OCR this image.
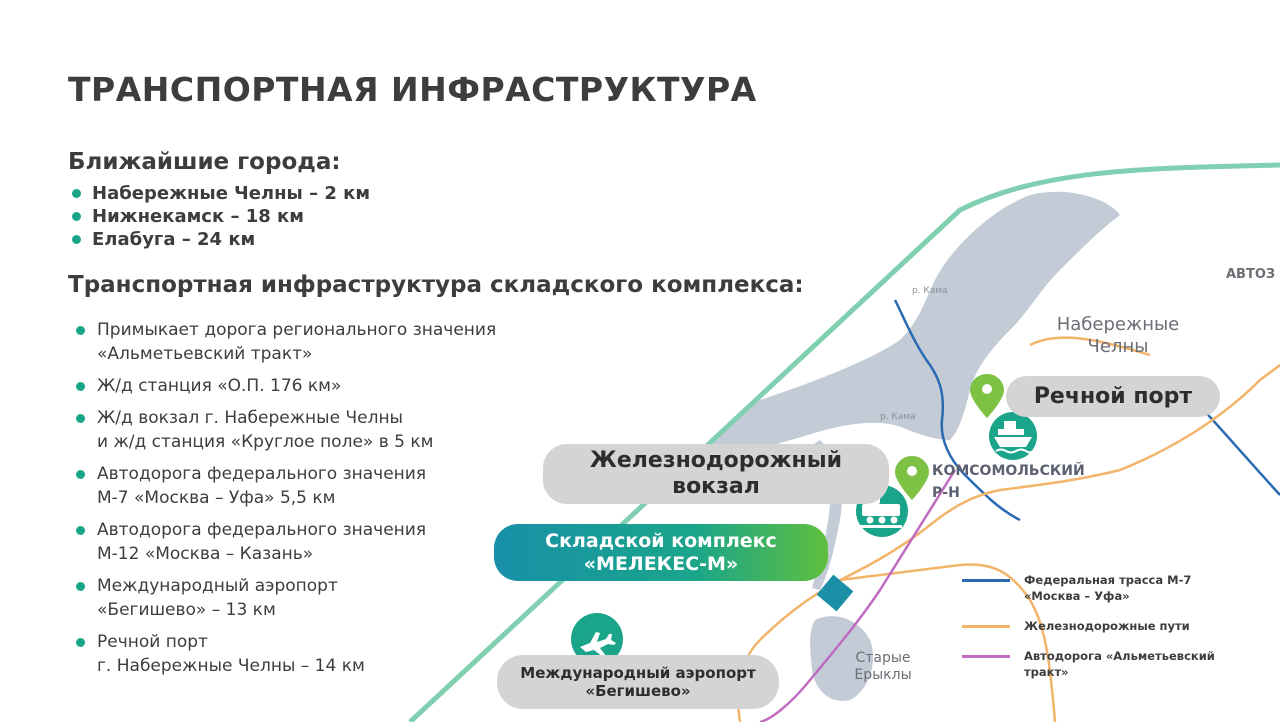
ТРАНСПОРТНАЯ ИНФРАСТРУКТУРА
Ближайшие города:
Набережные Челны – 2 км
Нижнекамск – 18 км
Елабуга – 24 км
Транспортная инфраструктура складского комплекса:
Примыкает дорога регионального значения
«Альметьевский тракт»
Ж/д станция «О.П. 176 км»
Ж/д вокзал г. Набережные Челны
и ж/д станция «Круглое поле» в 5 км
Автодорога федерального значения
М-7 «Москва – Уфа» 5,5 км
Автодорога федерального значения
М-12 «Москва – Казань»
Международный аэропорт
«Бегишево» – 13 км
Речной порт
г. Набережные Челны – 14 км
Набережные
Челны
АВТОЗ
КОМСОМОЛЬСКИЙ Р-Н
Старые
Ерыклы
р. Кама
р. Кама
Речной порт
Железнодорожный
вокзал
Складской комплекс
«МЕЛЕКЕС-М»
Международный аэропорт
«Бегишево»
Федеральная трасса М-7
«Москва – Уфа»
Железнодорожные пути
Автодорога «Альметьевский
тракт»
